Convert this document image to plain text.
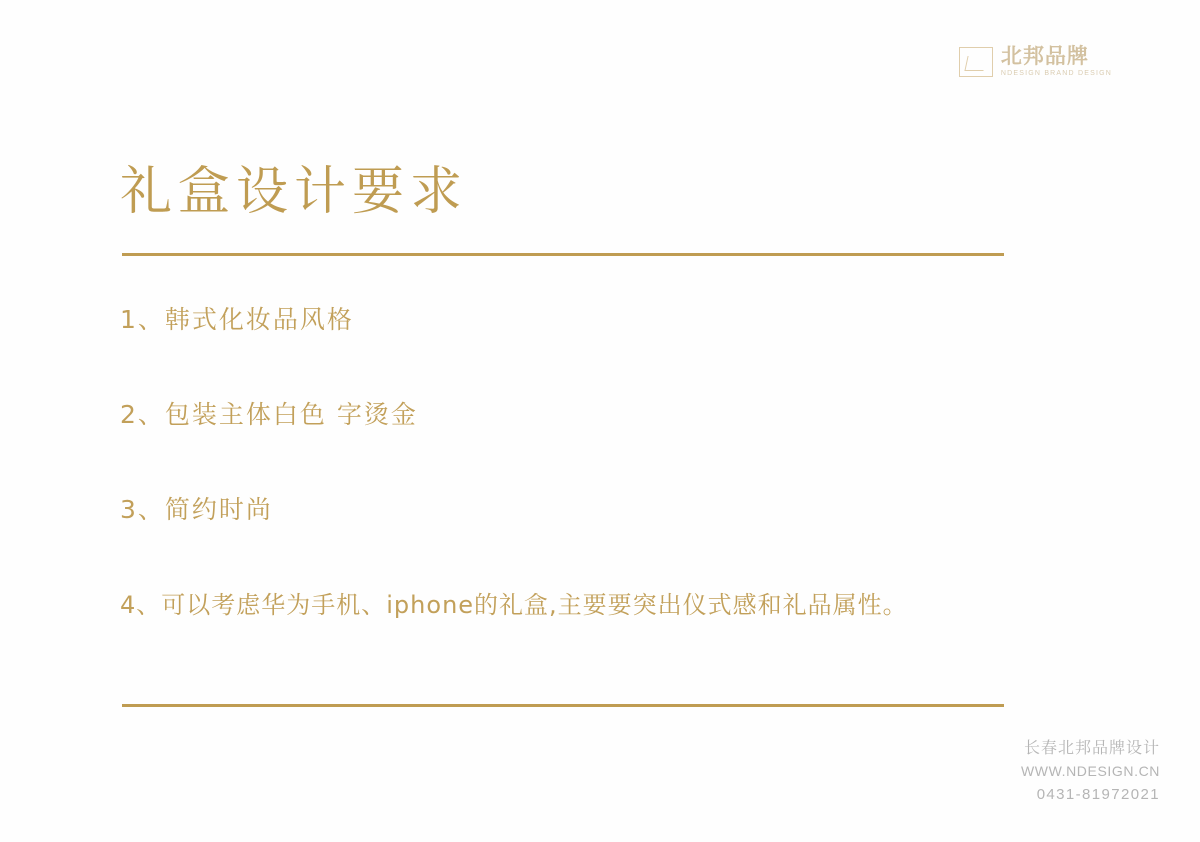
北邦品牌
NDESIGN BRAND DESIGN
礼盒设计要求
1、韩式化妆品风格
2、包装主体白色 字烫金
3、简约时尚
4、可以考虑华为手机、iphone的礼盒,主要要突出仪式感和礼品属性。
长春北邦品牌设计
WWW.NDESIGN.CN
0431-81972021
